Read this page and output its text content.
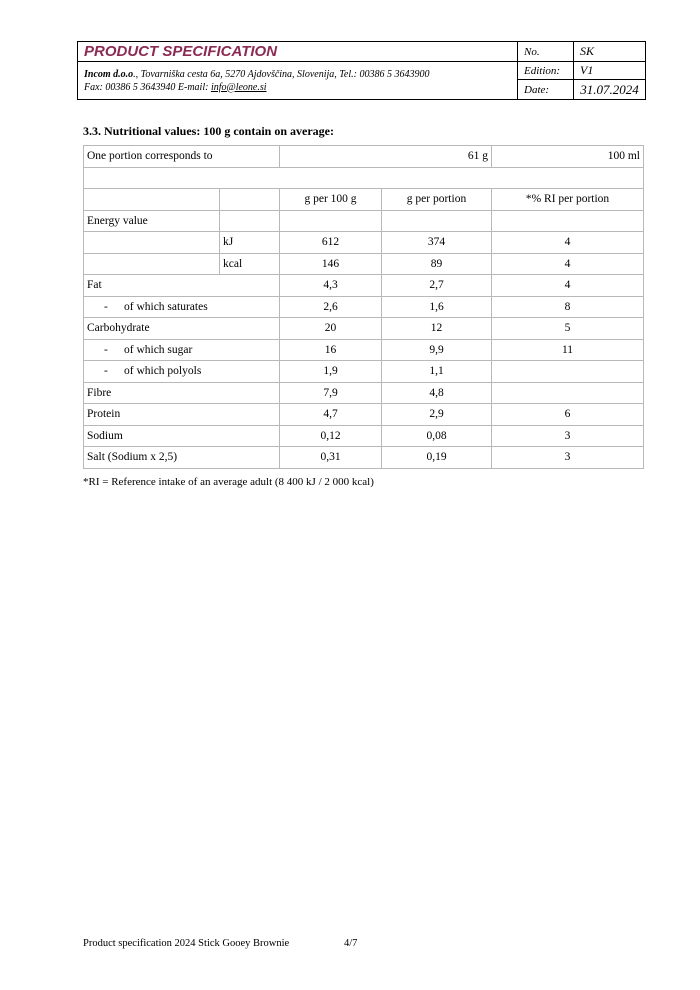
PRODUCT SPECIFICATION	No.	SK
Incom d.o.o., Tovarniška cesta 6a, 5270 Ajdovščina, Slovenija, Tel.: 00386 5 3643900
Fax: 00386 5 3643940 E-mail: info@leone.si	Edition:	V1
	Date:	31.07.2024
3.3. Nutritional values: 100 g contain on average:
One portion corresponds to		61 g		100 ml

		g per 100 g	g per portion	*% RI per portion
Energy value				
	kJ	612	374	4
	kcal	146	89	4
Fat		4,3	2,7	4
- of which saturates		2,6	1,6	8
Carbohydrate		20	12	5
- of which sugar		16	9,9	11
- of which polyols		1,9	1,1	
Fibre		7,9	4,8	
Protein		4,7	2,9	6
Sodium		0,12	0,08	3
Salt (Sodium x 2,5)		0,31	0,19	3
*RI = Reference intake of an average adult (8 400 kJ / 2 000 kcal)
Product specification 2024 Stick Gooey Brownie	4/7
